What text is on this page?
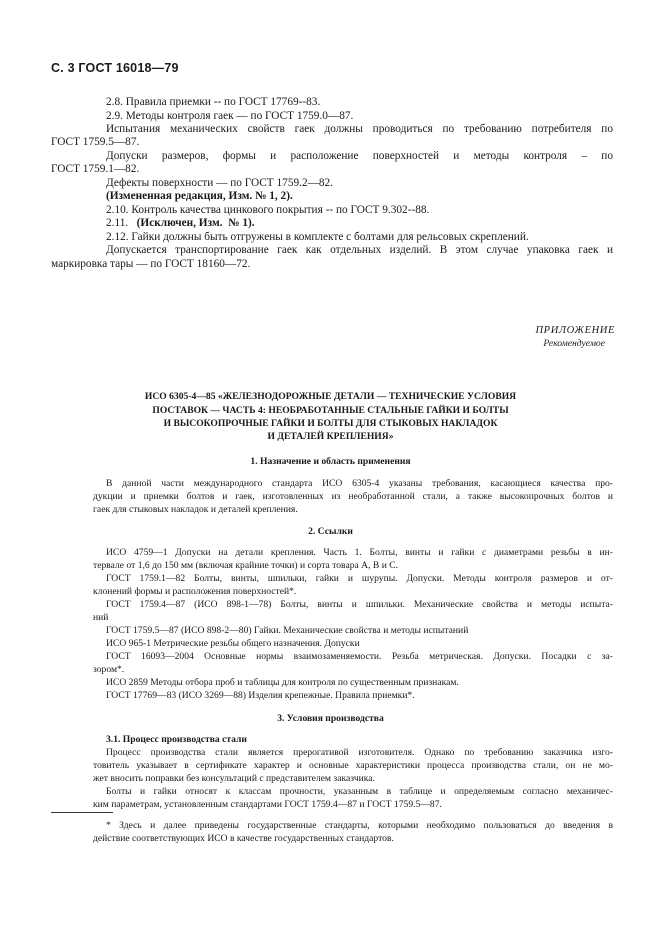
С. 3 ГОСТ 16018—79
2.8. Правила приемки -- по ГОСТ 17769--83.
2.9. Методы контроля гаек — по ГОСТ 1759.0—87.
Испытания механических свойств гаек должны проводиться по требованию потребителя по
ГОСТ 1759.5—87.
Допуски размеров, формы и расположение поверхностей и методы контроля – по
ГОСТ 1759.1—82.
Дефекты поверхности — по ГОСТ 1759.2—82.
(Измененная редакция, Изм. № 1, 2).
2.10. Контроль качества цинкового покрытия -- по ГОСТ 9.302--88.
2.11.   (Исключен, Изм.  № 1).
2.12. Гайки должны быть отгружены в комплекте с болтами для рельсовых скреплений.
Допускается транспортирование гаек как отдельных изделий. В этом случае упаковка гаек и
маркировка тары — по ГОСТ 18160—72.
ПРИЛОЖЕНИЕ
Рекомендуемое
ИСО 6305-4—85 «ЖЕЛЕЗНОДОРОЖНЫЕ ДЕТАЛИ — ТЕХНИЧЕСКИЕ УСЛОВИЯ
ПОСТАВОК — ЧАСТЬ 4: НЕОБРАБОТАННЫЕ СТАЛЬНЫЕ ГАЙКИ И БОЛТЫ
И ВЫСОКОПРОЧНЫЕ ГАЙКИ И БОЛТЫ ДЛЯ СТЫКОВЫХ НАКЛАДОК
И ДЕТАЛЕЙ КРЕПЛЕНИЯ»
1. Назначение и область применения
В данной части международного стандарта ИСО 6305-4 указаны требования, касающиеся качества про-
дукции и приемки болтов и гаек, изготовленных из необработанной стали, а также высокопрочных болтов и
гаек для стыковых накладок и деталей крепления.
2. Ссылки
ИСО 4759—1 Допуски на детали крепления. Часть 1. Болты, винты и гайки с диаметрами резьбы в ин-
тервале от 1,6 до 150 мм (включая крайние точки) и сорта товара А, В и С.
ГОСТ 1759.1—82 Болты, винты, шпильки, гайки и шурупы. Допуски. Методы контроля размеров и от-
клонений формы и расположения поверхностей*.
ГОСТ 1759.4—87 (ИСО 898-1—78) Болты, винты и шпильки. Механические свойства и методы испыта-
ний
ГОСТ 1759.5—87 (ИСО 898-2—80) Гайки. Механические свойства и методы испытаний
ИСО 965-1 Метрические резьбы общего назначения. Допуски
ГОСТ 16093—2004 Основные нормы взаимозаменяемости. Резьба метрическая. Допуски. Посадки с за-
зором*.
ИСО 2859 Методы отбора проб и таблицы для контроля по существенным признакам.
ГОСТ 17769—83 (ИСО 3269—88) Изделия крепежные. Правила приемки*.
3. Условия производства
3.1. Процесс производства стали
Процесс производства стали является прерогативой изготовителя. Однако по требованию заказчика изго-
товитель указывает в сертификате характер и основные характеристики процесса производства стали, он не мо-
жет вносить поправки без консультаций с представителем заказчика.
Болты и гайки относят к классам прочности, указанным в таблице и определяемым согласно механичес-
ким параметрам, установленным стандартами ГОСТ 1759.4—87 и ГОСТ 1759.5—87.
* Здесь и далее приведены государственные стандарты, которыми необходимо пользоваться до введения в
действие соответствующих ИСО в качестве государственных стандартов.
